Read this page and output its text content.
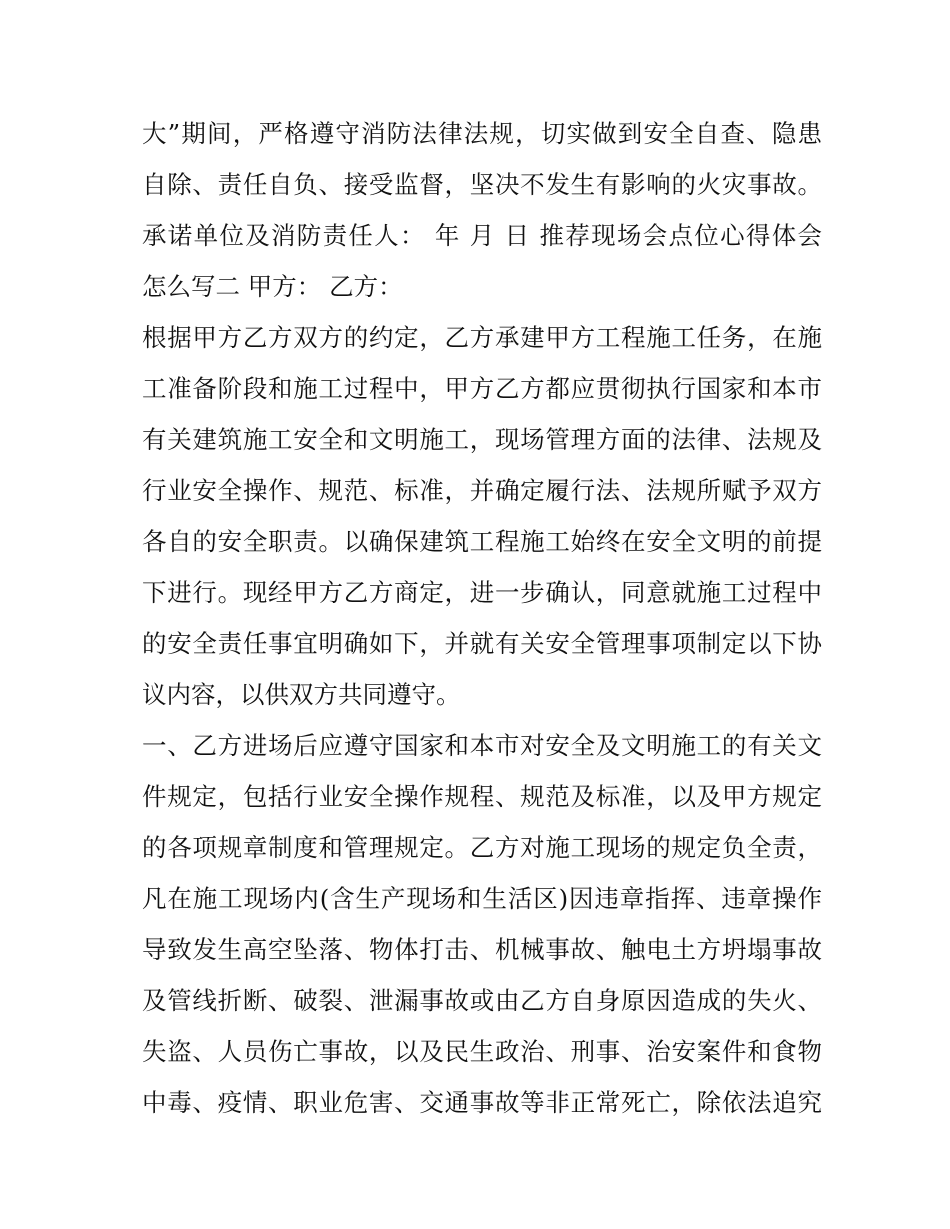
大”期间，严格遵守消防法律法规，切实做到安全自查、隐患
自除、责任自负、接受监督，坚决不发生有影响的火灾事故。
承诺单位及消防责任人： 年 月 日 推荐现场会点位心得体会
怎么写二 甲方： 乙方：
根据甲方乙方双方的约定，乙方承建甲方工程施工任务，在施
工准备阶段和施工过程中，甲方乙方都应贯彻执行国家和本市
有关建筑施工安全和文明施工，现场管理方面的法律、法规及
行业安全操作、规范、标准，并确定履行法、法规所赋予双方
各自的安全职责。以确保建筑工程施工始终在安全文明的前提
下进行。现经甲方乙方商定，进一步确认，同意就施工过程中
的安全责任事宜明确如下，并就有关安全管理事项制定以下协
议内容，以供双方共同遵守。
一、乙方进场后应遵守国家和本市对安全及文明施工的有关文
件规定，包括行业安全操作规程、规范及标准，以及甲方规定
的各项规章制度和管理规定。乙方对施工现场的规定负全责，
凡在施工现场内(含生产现场和生活区)因违章指挥、违章操作
导致发生高空坠落、物体打击、机械事故、触电土方坍塌事故
及管线折断、破裂、泄漏事故或由乙方自身原因造成的失火、
失盗、人员伤亡事故，以及民生政治、刑事、治安案件和食物
中毒、疫情、职业危害、交通事故等非正常死亡，除依法追究
